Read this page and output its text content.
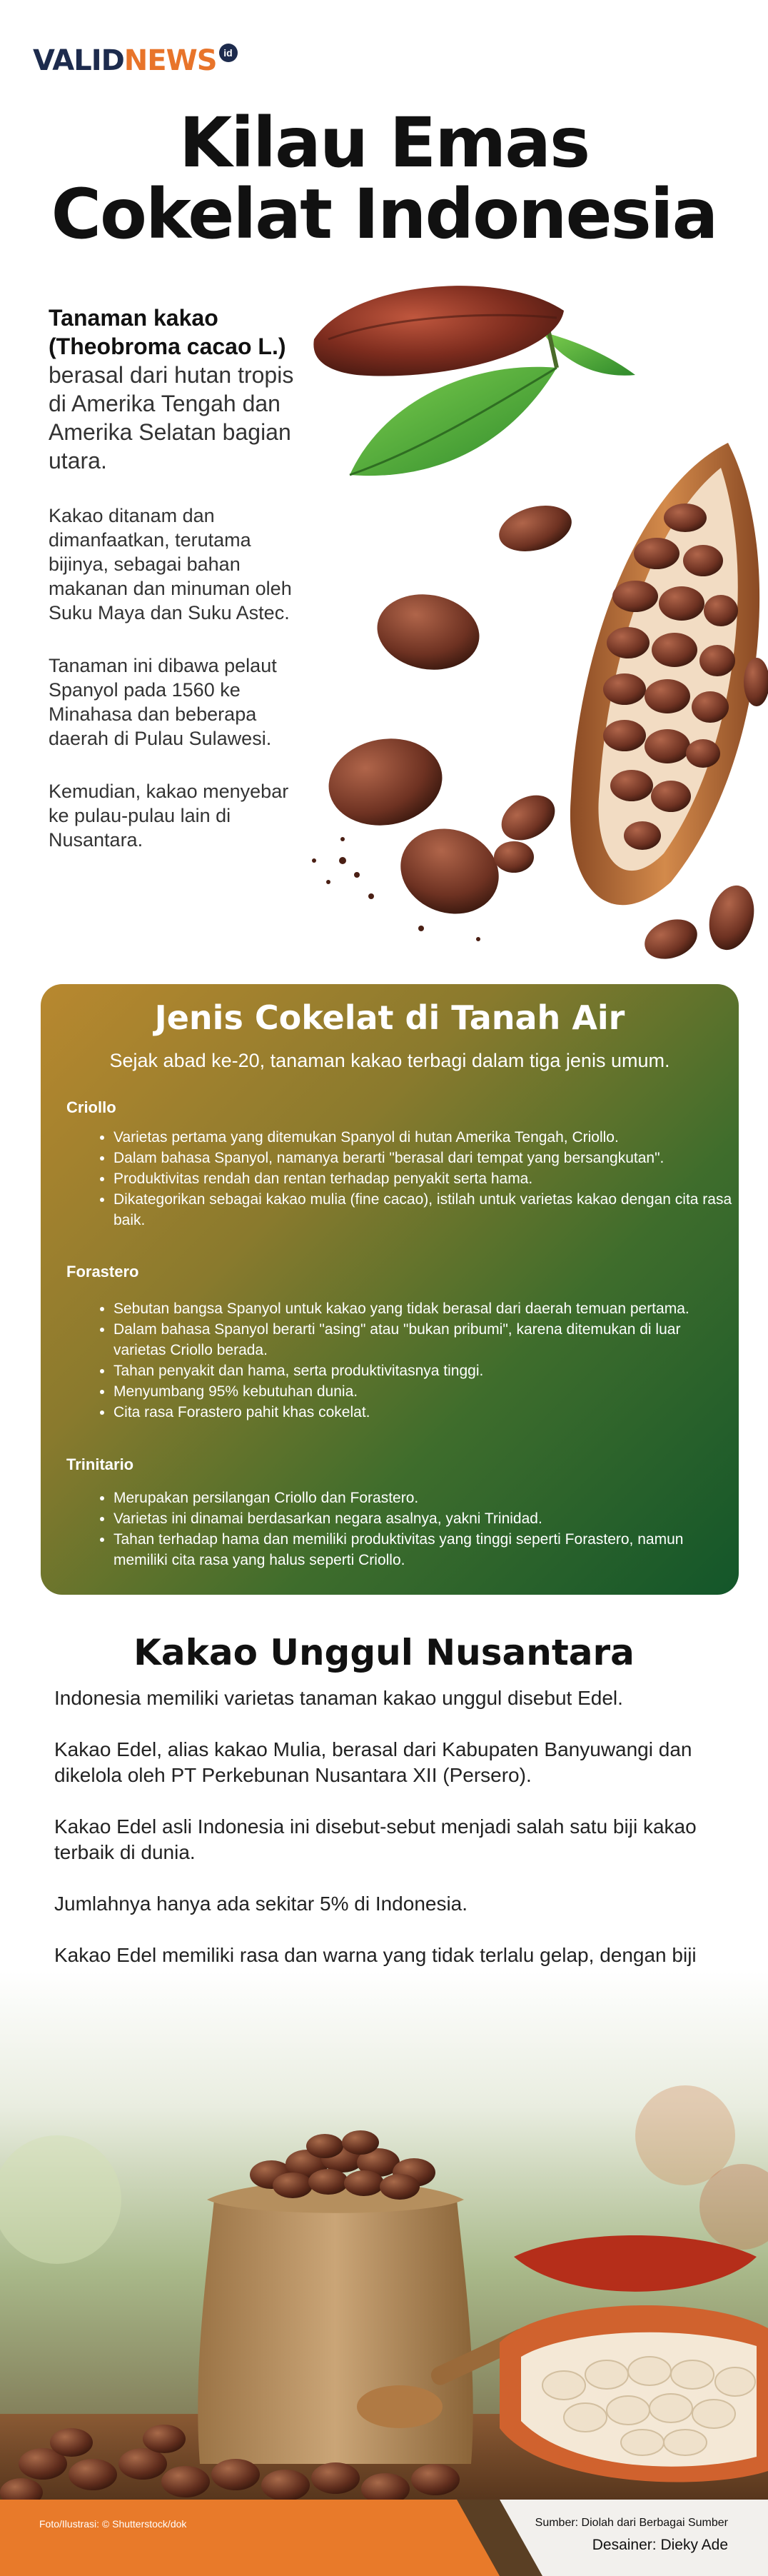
VALID NEWS id
Kilau Emas
Cokelat Indonesia

Tanaman kakao (Theobroma cacao L.) berasal dari hutan tropis di Amerika Tengah dan Amerika Selatan bagian utara.

Kakao ditanam dan dimanfaatkan, terutama bijinya, sebagai bahan makanan dan minuman oleh Suku Maya dan Suku Astec.

Tanaman ini dibawa pelaut Spanyol pada 1560 ke Minahasa dan beberapa daerah di Pulau Sulawesi.

Kemudian, kakao menyebar ke pulau-pulau lain di Nusantara.

Jenis Cokelat di Tanah Air
Sejak abad ke-20, tanaman kakao terbagi dalam tiga jenis umum.
Criollo
• Varietas pertama yang ditemukan Spanyol di hutan Amerika Tengah, Criollo.
• Dalam bahasa Spanyol, namanya berarti "berasal dari tempat yang bersangkutan".
• Produktivitas rendah dan rentan terhadap penyakit serta hama.
• Dikategorikan sebagai kakao mulia (fine cacao), istilah untuk varietas kakao dengan cita rasa baik.
Forastero
• Sebutan bangsa Spanyol untuk kakao yang tidak berasal dari daerah temuan pertama.
• Dalam bahasa Spanyol berarti "asing" atau "bukan pribumi", karena ditemukan di luar varietas Criollo berada.
• Tahan penyakit dan hama, serta produktivitasnya tinggi.
• Menyumbang 95% kebutuhan dunia.
• Cita rasa Forastero pahit khas cokelat.
Trinitario
• Merupakan persilangan Criollo dan Forastero.
• Varietas ini dinamai berdasarkan negara asalnya, yakni Trinidad.
• Tahan terhadap hama dan memiliki produktivitas yang tinggi seperti Forastero, namun memiliki cita rasa yang halus seperti Criollo.
Kakao Unggul Nusantara

Indonesia memiliki varietas tanaman kakao unggul disebut Edel.

Kakao Edel, alias kakao Mulia, berasal dari Kabupaten Banyuwangi dan dikelola oleh PT Perkebunan Nusantara XII (Persero).

Kakao Edel asli Indonesia ini disebut-sebut menjadi salah satu biji kakao terbaik di dunia.

Jumlahnya hanya ada sekitar 5% di Indonesia.

Kakao Edel memiliki rasa dan warna yang tidak terlalu gelap, dengan biji

Foto/Ilustrasi: © Shutterstock/dok	Sumber: Diolah dari Berbagai Sumber
Desainer: Dieky Ade
